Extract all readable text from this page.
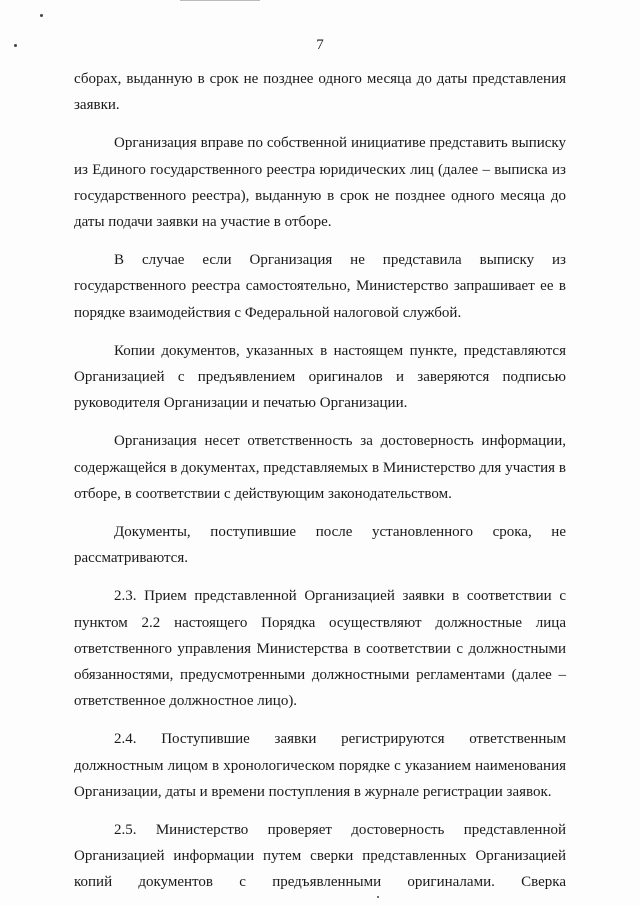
7

сборах, выданную в срок не позднее одного месяца до даты представления заявки.

Организация вправе по собственной инициативе представить выписку из Единого государственного реестра юридических лиц (далее – выписка из государственного реестра), выданную в срок не позднее одного месяца до даты подачи заявки на участие в отборе.

В случае если Организация не представила выписку из государственного реестра самостоятельно, Министерство запрашивает ее в порядке взаимодействия с Федеральной налоговой службой.

Копии документов, указанных в настоящем пункте, представляются Организацией с предъявлением оригиналов и заверяются подписью руководителя Организации и печатью Организации.

Организация несет ответственность за достоверность информации, содержащейся в документах, представляемых в Министерство для участия в отборе, в соответствии с действующим законодательством.

Документы, поступившие после установленного срока, не рассматриваются.

2.3. Прием представленной Организацией заявки в соответствии с пунктом 2.2 настоящего Порядка осуществляют должностные лица ответственного управления Министерства в соответствии с должностными обязанностями, предусмотренными должностными регламентами (далее – ответственное должностное лицо).

2.4. Поступившие заявки регистрируются ответственным должностным лицом в хронологическом порядке с указанием наименования Организации, даты и времени поступления в журнале регистрации заявок.

2.5. Министерство проверяет достоверность представленной Организацией информации путем сверки представленных Организацией копий документов с предъявленными оригиналами. Сверка
